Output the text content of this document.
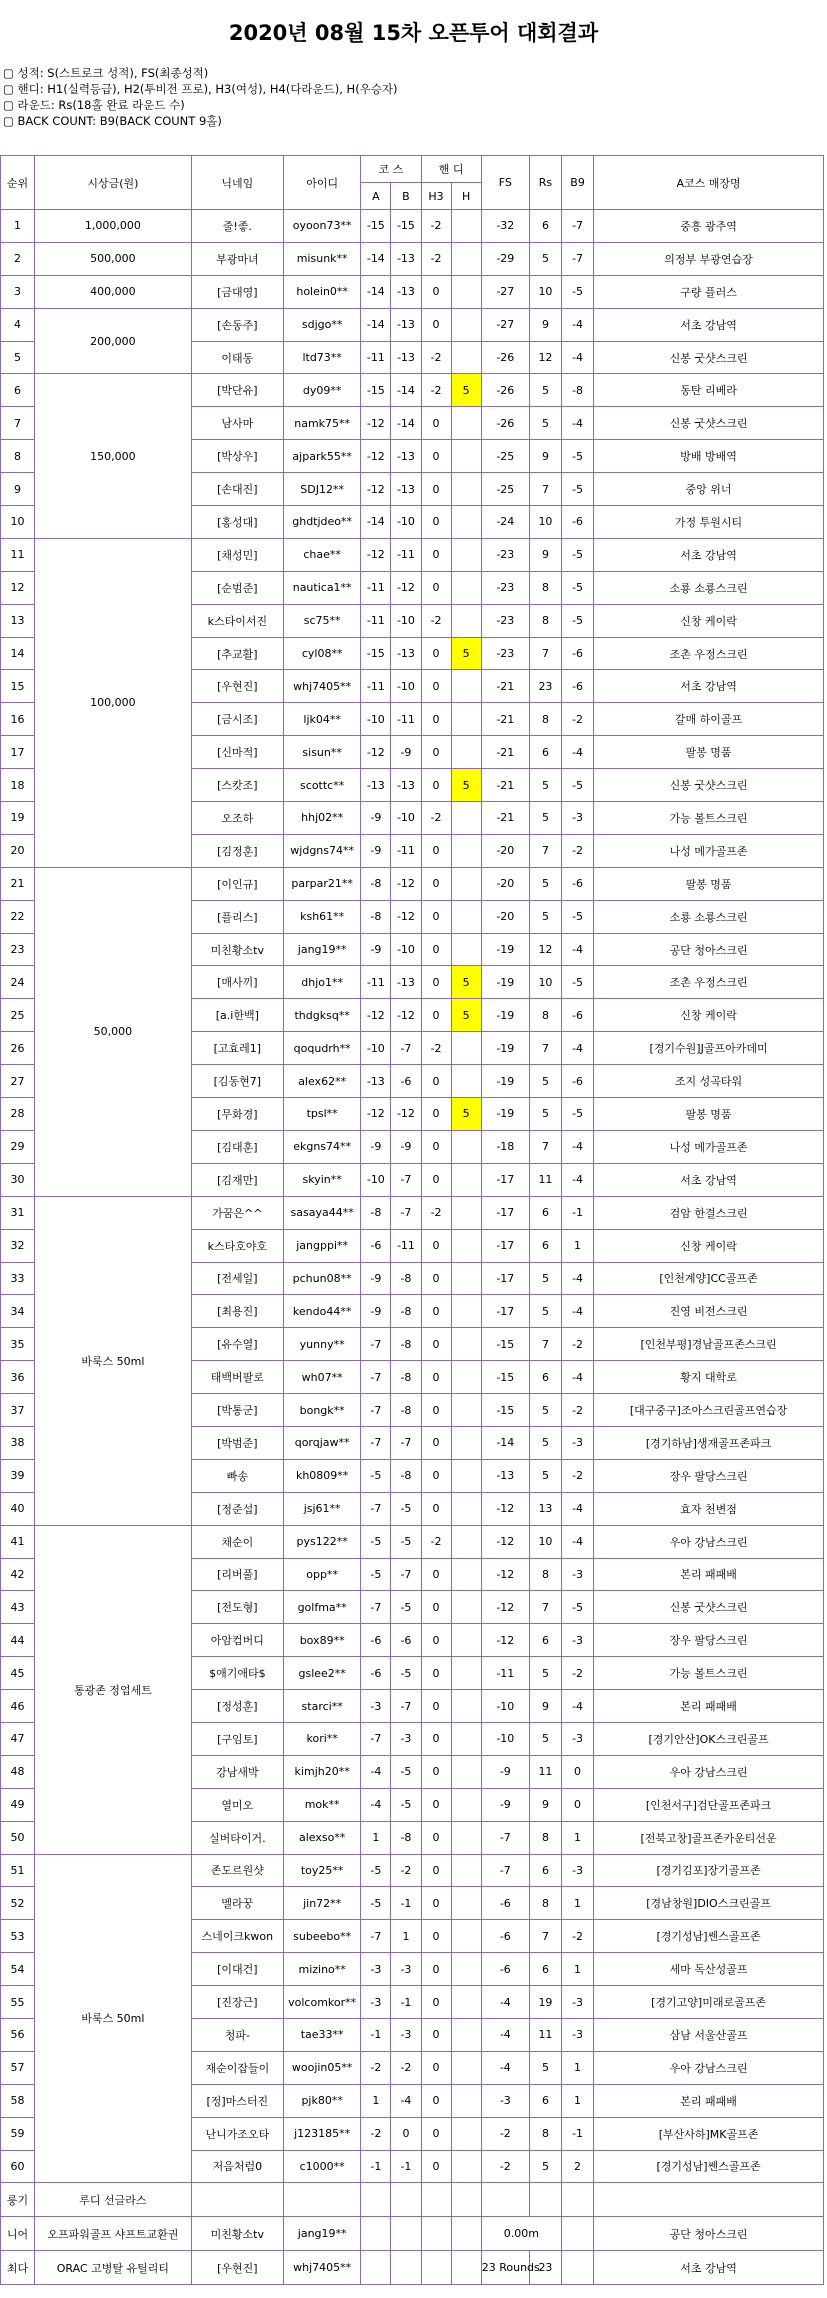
2020년 08월 15차 오픈투어 대회결과
▢ 성적: S(스트로크 성적), FS(최종성적)
▢ 핸디: H1(실력등급), H2(투비전 프로), H3(여성), H4(다라운드), H(우승자)
▢ 라운드: Rs(18홀 완료 라운드 수)
▢ BACK COUNT: B9(BACK COUNT 9홀)
순위	시상금(원)	닉네임	아이디	코 스		핸 디		FS	Rs	B9	A코스 매장명
				A	B	H3	H				
1	1,000,000	줄!좋.	oyoon73**	-15	-15	-2		-32	6	-7	중흥 광주역
2	500,000	부광마녀	misunk**	-14	-13	-2		-29	5	-7	의정부 부광연습장
3	400,000	[금대영]	holein0**	-14	-13	0		-27	10	-5	구량 플러스
4	200,000	[손동주]	sdjgo**	-14	-13	0		-27	9	-4	서초 강남역
5		이태동	ltd73**	-11	-13	-2		-26	12	-4	신봉 굿샷스크린
6	150,000	[박단유]	dy09**	-15	-14	-2	5	-26	5	-8	동탄 리베라
7		남사마	namk75**	-12	-14	0		-26	5	-4	신봉 굿샷스크린
8		[박상우]	ajpark55**	-12	-13	0		-25	9	-5	방배 방배역
9		[손대진]	SDJ12**	-12	-13	0		-25	7	-5	중앙 위너
10		[홍성대]	ghdtjdeo**	-14	-10	0		-24	10	-6	가정 투원시티
11	100,000	[채성민]	chae**	-12	-11	0		-23	9	-5	서초 강남역
12		[순범준]	nautica1**	-11	-12	0		-23	8	-5	소룡 소룡스크린
13		k스타이서진	sc75**	-11	-10	-2		-23	8	-5	신창 케이락
14		[추교활]	cyl08**	-15	-13	0	5	-23	7	-6	조촌 우정스크린
15		[우현진]	whj7405**	-11	-10	0		-21	23	-6	서초 강남역
16		[금시조]	ljk04**	-10	-11	0		-21	8	-2	갈매 하이골프
17		[신마적]	sisun**	-12	-9	0		-21	6	-4	팔봉 명품
18		[스캇조]	scottc**	-13	-13	0	5	-21	5	-5	신봉 굿샷스크린
19		오조하	hhj02**	-9	-10	-2		-21	5	-3	가능 볼트스크린
20		[김정훈]	wjdgns74**	-9	-11	0		-20	7	-2	나성 메가골프존
21	50,000	[이인규]	parpar21**	-8	-12	0		-20	5	-6	팔봉 명품
22		[플리스]	ksh61**	-8	-12	0		-20	5	-5	소룡 소룡스크린
23		미친황소tv	jang19**	-9	-10	0		-19	12	-4	공단 청아스크린
24		[매사끼]	dhjo1**	-11	-13	0	5	-19	10	-5	조촌 우정스크린
25		[a.i한백]	thdgksq**	-12	-12	0	5	-19	8	-6	신창 케이락
26		[고효레1]	qoqudrh**	-10	-7	-2		-19	7	-4	[경기수원]J골프아카데미
27		[김동현7]	alex62**	-13	-6	0		-19	5	-6	조지 성곡타워
28		[무화경]	tpsl**	-12	-12	0	5	-19	5	-5	팔봉 명품
29		[김대훈]	ekgns74**	-9	-9	0		-18	7	-4	나성 메가골프존
30		[김재만]	skyin**	-10	-7	0		-17	11	-4	서초 강남역
31	바룩스 50ml	가꿈은^^	sasaya44**	-8	-7	-2		-17	6	-1	검암 한결스크린
32		k스타호야호	jangppi**	-6	-11	0		-17	6	1	신창 케이락
33		[전세일]	pchun08**	-9	-8	0		-17	5	-4	[인천계양]CC골프존
34		[최용진]	kendo44**	-9	-8	0		-17	5	-4	진영 비전스크린
35		[유수열]	yunny**	-7	-8	0		-15	7	-2	[인천부평]경남골프존스크린
36		태백버팔로	wh07**	-7	-8	0		-15	6	-4	황지 대학로
37		[박통군]	bongk**	-7	-8	0		-15	5	-2	[대구중구]조아스크린골프연습장
38		[박범준]	qorqjaw**	-7	-7	0		-14	5	-3	[경기하남]생재골프존파크
39		빠송	kh0809**	-5	-8	0		-13	5	-2	장우 팔당스크린
40		[정준섭]	jsj61**	-7	-5	0		-12	13	-4	효자 천변점
41	통광존 정업세트	채순이	pys122**	-5	-5	-2		-12	10	-4	우아 강남스크린
42		[리버풀]	opp**	-5	-7	0		-12	8	-3	본리 패패배
43		[전도형]	golfma**	-7	-5	0		-12	7	-5	신봉 굿샷스크린
44		아암컴버디	box89**	-6	-6	0		-12	6	-3	장우 팔당스크린
45		$애기애타$	gslee2**	-6	-5	0		-11	5	-2	가능 볼트스크린
46		[정성훈]	starci**	-3	-7	0		-10	9	-4	본리 패패배
47		[구임토]	kori**	-7	-3	0		-10	5	-3	[경기안산]OK스크린골프
48		강남새박	kimjh20**	-4	-5	0		-9	11	0	우아 강남스크린
49		열미오	mok**	-4	-5	0		-9	9	0	[인천서구]검단골프존파크
50		실버타이거.	alexso**	1	-8	0		-7	8	1	[전북고창]골프존카운티선운
51	바룩스 50ml	존도르원샷	toy25**	-5	-2	0		-7	6	-3	[경기김포]장기골프존
52		멜라꿍	jin72**	-5	-1	0		-6	8	1	[경남창원]DIO스크린골프
53		스네이크kwon	subeebo**	-7	1	0		-6	7	-2	[경기성남]쎈스골프존
54		[이대건]	mizino**	-3	-3	0		-6	6	1	세마 독산성골프
55		[진장근]	volcomkor**	-3	-1	0		-4	19	-3	[경기고양]미래로골프존
56		청파-	tae33**	-1	-3	0		-4	11	-3	삼남 서울산골프
57		재순이잡들이	woojin05**	-2	-2	0		-4	5	1	우아 강남스크린
58		[정]마스터진	pjk80**	1	-4	0		-3	6	1	본리 패패배
59		난니가조오타	j123185**	-2	0	0		-2	8	-1	[부산사하]MK골프존
60		저음처럼0	c1000**	-1	-1	0		-2	5	2	[경기성남]쎈스골프존
룽기	루디 선글라스										
니어	오프파워골프 샤프트교환권	미친황소tv	jang19**					0.00m			공단 청아스크린
최다	ORAC 고병탈 유틸리티	[우현진]	whj7405**					23 Rounds	23		서초 강남역
